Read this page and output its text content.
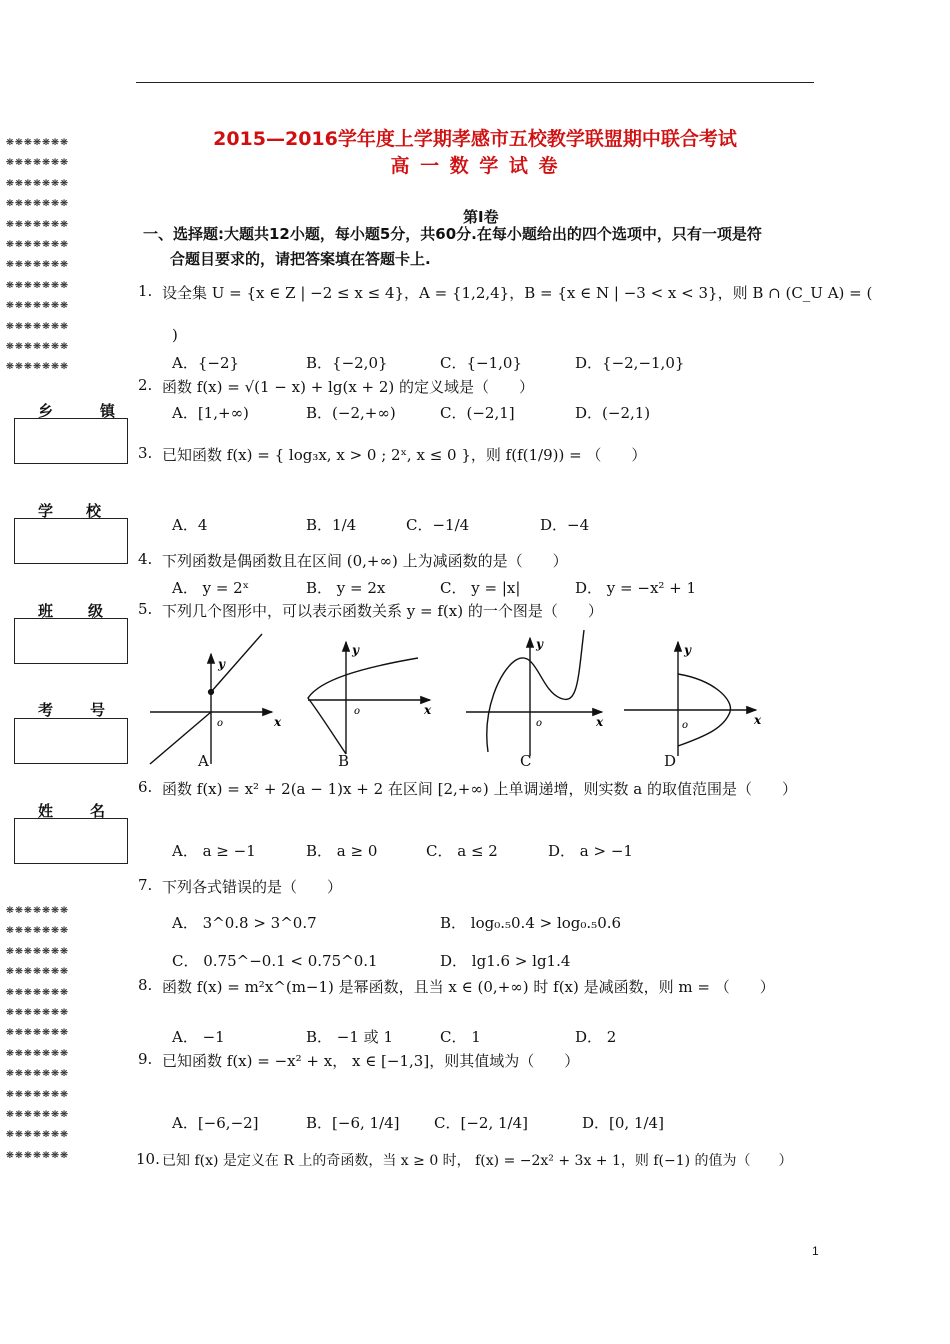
2015—2016学年度上学期孝感市五校教学联盟期中联合考试
高 一 数 学 试 卷
第Ⅰ卷
❋❋❋❋❋❋❋
❋❋❋❋❋❋❋
❋❋❋❋❋❋❋
❋❋❋❋❋❋❋
❋❋❋❋❋❋❋
❋❋❋❋❋❋❋
❋❋❋❋❋❋❋
❋❋❋❋❋❋❋
❋❋❋❋❋❋❋
❋❋❋❋❋❋❋
❋❋❋❋❋❋❋
❋❋❋❋❋❋❋
乡	镇
学 校
班 级
考 号
姓 名
❋❋❋❋❋❋❋
❋❋❋❋❋❋❋
❋❋❋❋❋❋❋
❋❋❋❋❋❋❋
❋❋❋❋❋❋❋
❋❋❋❋❋❋❋
❋❋❋❋❋❋❋
❋❋❋❋❋❋❋
❋❋❋❋❋❋❋
❋❋❋❋❋❋❋
❋❋❋❋❋❋❋
❋❋❋❋❋❋❋
❋❋❋❋❋❋❋
一、选择题:大题共12小题，每小题5分，共60分.在每小题给出的四个选项中，只有一项是符
合题目要求的，请把答案填在答题卡上.
1. 设全集 U = {x ∈ Z | −2 ≤ x ≤ 4}，A = {1,2,4}，B = {x ∈ N | −3 < x < 3}，则 B ∩ (C_U A) = (
)
A．{−2}	B．{−2,0}	C．{−1,0}	D．{−2,−1,0}
2. 函数 f(x) = √(1 − x) + lg(x + 2) 的定义域是（　　）
A．[1,+∞)	B．(−2,+∞)	C．(−2,1]	D．(−2,1)
3. 已知函数 f(x) = { log₃x, x > 0 ; 2ˣ, x ≤ 0 }，则 f(f(1/9)) = （　　）
A．4	B．1/4	C．−1/4	D．−4
4. 下列函数是偶函数且在区间 (0,+∞) 上为减函数的是（　　）
A． y = 2ˣ	B． y = 2x	C． y = |x|	D． y = −x² + 1
5. 下列几个图形中，可以表示函数关系 y = f(x) 的一个图是（　　）
y
x
o
y
x
o
y
x
o
y
x
o
A	B	C	D
6. 函数 f(x) = x² + 2(a − 1)x + 2 在区间 [2,+∞) 上单调递增，则实数 a 的取值范围是（　　）
A． a ≥ −1	B． a ≥ 0	C． a ≤ 2	D． a > −1
7. 下列各式错误的是（　　）
A． 3^0.8 > 3^0.7	B． log₀.₅0.4 > log₀.₅0.6
C． 0.75^−0.1 < 0.75^0.1	D． lg1.6 > lg1.4
8. 函数 f(x) = m²x^(m−1) 是幂函数，且当 x ∈ (0,+∞) 时 f(x) 是减函数，则 m = （　　）
A． −1	B． −1 或 1	C． 1	D． 2
9. 已知函数 f(x) = −x² + x， x ∈ [−1,3]，则其值域为（　　）
A．[−6,−2]	B．[−6, 1/4] C．[−2, 1/4]	D．[0, 1/4]
10. 已知 f(x) 是定义在 R 上的奇函数，当 x ≥ 0 时， f(x) = −2x² + 3x + 1，则 f(−1) 的值为（　　）
1
